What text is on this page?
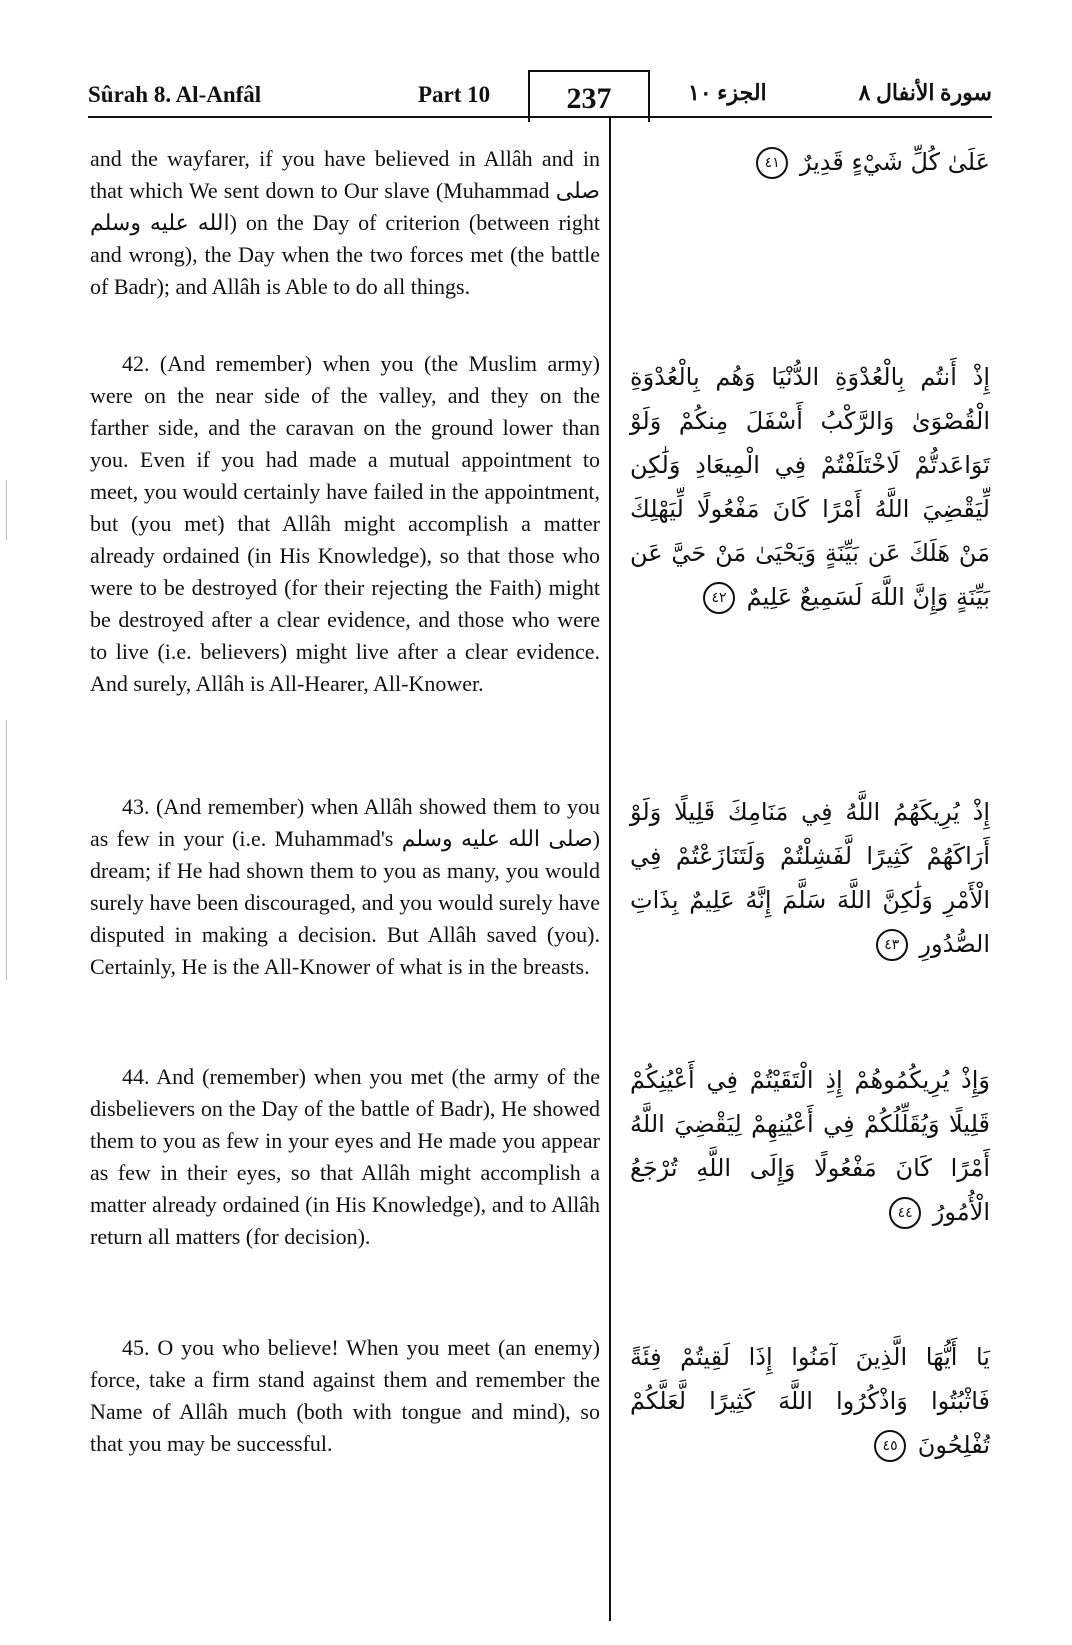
Sûrah 8. Al-Anfâl	Part 10	237	الجزء ١٠	سورة الأنفال ٨

and the wayfarer, if you have believed in Allâh and in that which We sent down to Our slave (Muhammad صلى الله عليه وسلم) on the Day of criterion (between right and wrong), the Day when the two forces met (the battle of Badr); and Allâh is Able to do all things.

42. (And remember) when you (the Muslim army) were on the near side of the valley, and they on the farther side, and the caravan on the ground lower than you. Even if you had made a mutual appointment to meet, you would certainly have failed in the appointment, but (you met) that Allâh might accomplish a matter already ordained (in His Knowledge), so that those who were to be destroyed (for their rejecting the Faith) might be destroyed after a clear evidence, and those who were to live (i.e. believers) might live after a clear evidence. And surely, Allâh is All-Hearer, All-Knower.

43. (And remember) when Allâh showed them to you as few in your (i.e. Muhammad's صلى الله عليه وسلم) dream; if He had shown them to you as many, you would surely have been discouraged, and you would surely have disputed in making a decision. But Allâh saved (you). Certainly, He is the All-Knower of what is in the breasts.

44. And (remember) when you met (the army of the disbelievers on the Day of the battle of Badr), He showed them to you as few in your eyes and He made you appear as few in their eyes, so that Allâh might accomplish a matter already ordained (in His Knowledge), and to Allâh return all matters (for decision).

45. O you who believe! When you meet (an enemy) force, take a firm stand against them and remember the Name of Allâh much (both with tongue and mind), so that you may be successful.

عَلَىٰ كُلِّ شَيْءٍ قَدِيرٌ ٤١
إِذْ أَنتُم بِالْعُدْوَةِ الدُّنْيَا وَهُم بِالْعُدْوَةِ الْقُصْوَىٰ وَالرَّكْبُ أَسْفَلَ مِنكُمْ وَلَوْ تَوَاعَدتُّمْ لَاخْتَلَفْتُمْ فِي الْمِيعَادِ وَلَٰكِن لِّيَقْضِيَ اللَّهُ أَمْرًا كَانَ مَفْعُولًا لِّيَهْلِكَ مَنْ هَلَكَ عَن بَيِّنَةٍ وَيَحْيَىٰ مَنْ حَيَّ عَن بَيِّنَةٍ وَإِنَّ اللَّهَ لَسَمِيعٌ عَلِيمٌ ٤٢
إِذْ يُرِيكَهُمُ اللَّهُ فِي مَنَامِكَ قَلِيلًا وَلَوْ أَرَاكَهُمْ كَثِيرًا لَّفَشِلْتُمْ وَلَتَنَازَعْتُمْ فِي الْأَمْرِ وَلَٰكِنَّ اللَّهَ سَلَّمَ إِنَّهُ عَلِيمٌ بِذَاتِ الصُّدُورِ ٤٣
وَإِذْ يُرِيكُمُوهُمْ إِذِ الْتَقَيْتُمْ فِي أَعْيُنِكُمْ قَلِيلًا وَيُقَلِّلُكُمْ فِي أَعْيُنِهِمْ لِيَقْضِيَ اللَّهُ أَمْرًا كَانَ مَفْعُولًا وَإِلَى اللَّهِ تُرْجَعُ الْأُمُورُ ٤٤
يَا أَيُّهَا الَّذِينَ آمَنُوا إِذَا لَقِيتُمْ فِئَةً فَاثْبُتُوا وَاذْكُرُوا اللَّهَ كَثِيرًا لَّعَلَّكُمْ تُفْلِحُونَ ٤٥
